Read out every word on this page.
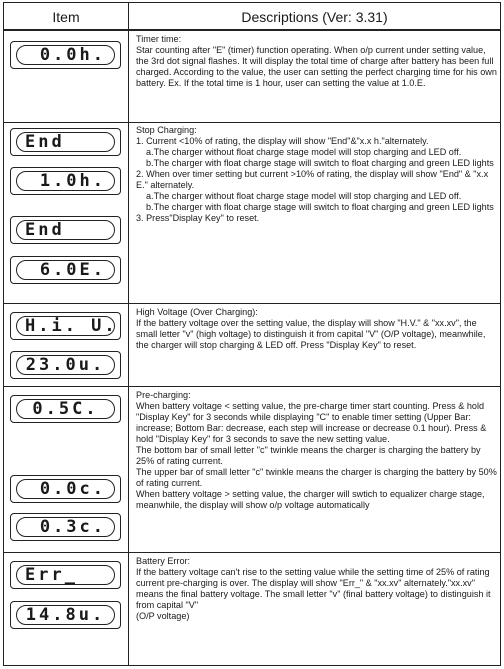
Item	Descriptions (Ver: 3.31)
0.0h.

Timer time:

Star counting after "E" (timer) function operating. When o/p current under setting value, the 3rd dot signal flashes. It will display the total time of charge after battery has been full charged. According to the value, the user can setting the perfect charging time for his own battery. Ex. If the total time is 1 hour, user can setting the value at 1.0.E.

End
1.0h.
End
6.0E.

Stop Charging:

1. Current <10% of rating, the display will show "End"&"x.x h."alternately.

a.The charger without float charge stage model will stop charging and LED off.

b.The charger with float charge stage will switch to float charging and green LED lights

2. When over timer setting but current >10% of rating, the display will show "End" & "x.x E." alternately.

a.The charger without float charge stage model will stop charging and LED off.

b.The charger with float charge stage will switch to float charging and green LED lights

3. Press"Display Key" to reset.

H.i. U.
23.0u.

High Voltage (Over Charging):

If the battery voltage over the setting value, the display will show "H.V." & "xx.xv", the small letter "v" (high voltage) to distinguish it from capital "V" (O/P voltage), meanwhile, the charger will stop charging & LED off. Press "Display Key" to reset.

0.5C.
0.0c.
0.3c.

Pre-charging:

When battery voltage < setting value, the pre-charge timer start counting. Press & hold "Display Key" for 3 seconds while displaying "C" to enable timer setting (Upper Bar: increase; Bottom Bar: decrease, each step will increase or decrease 0.1 hour). Press & hold "Display Key" for 3 seconds to save the new setting value.

The bottom bar of small letter "c" twinkle means the charger is charging the battery by 25% of rating current.

The upper bar of small letter "c" twinkle means the charger is charging the battery by 50% of rating current.

When battery voltage > setting value, the charger will swtich to equalizer charge stage, meanwhile, the display will show o/p voltage automatically

Err_
14.8u.

Battery Error:

If the battery voltage can't rise to the setting value while the setting time of 25% of rating current pre-charging is over. The display will show "Err_" & "xx.xv" alternately."xx.xv" means the final battery voltage. The small letter "v" (final battery voltage) to distinguish it from capital "V"

(O/P voltage)
